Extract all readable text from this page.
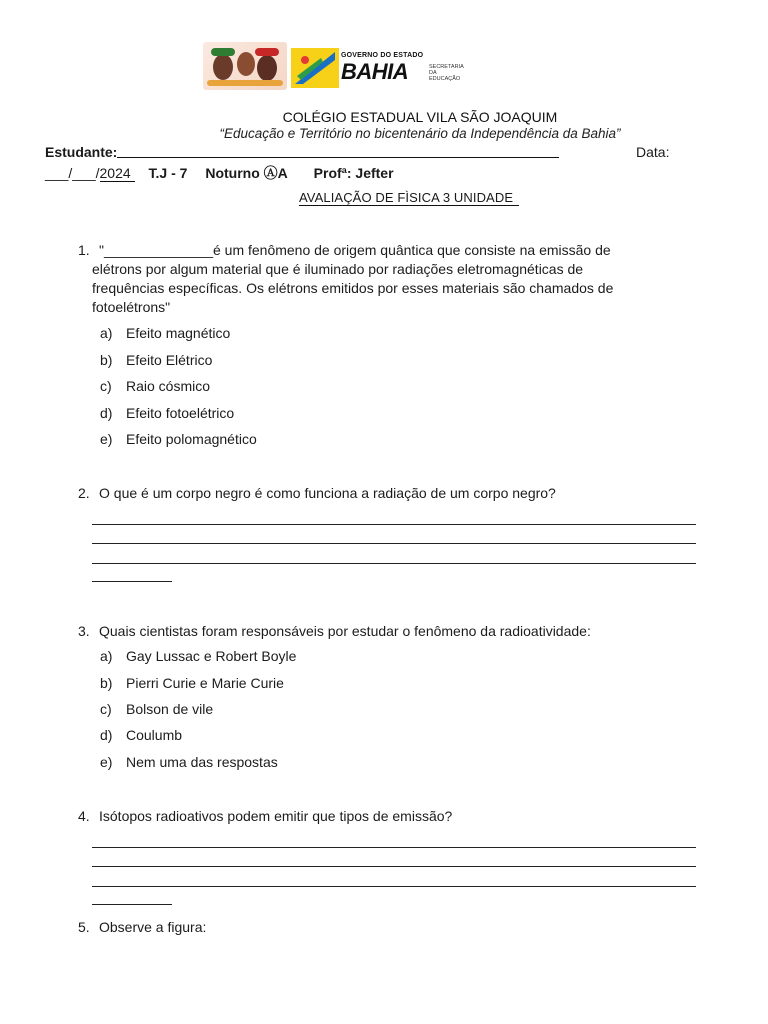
GOVERNO DO ESTADO
BAHIA	SECRETARIA DA EDUCAÇÃO
COLÉGIO ESTADUAL VILA SÃO JOAQUIM
“Educação e Território no bicentenário da Independência da Bahia”
Estudante:	Data:
___/___/2024 T.J - 7 Noturno ⒶA Profª: Jefter
AVALIAÇÃO DE FÌSICA 3 UNIDADE
1. "______________é um fenômeno de origem quântica que consiste na emissão de
elétrons por algum material que é iluminado por radiações eletromagnéticas de
frequências específicas. Os elétrons emitidos por esses materiais são chamados de
fotoelétrons"
a) Efeito magnético
b) Efeito Elétrico
c) Raio cósmico
d) Efeito fotoelétrico
e) Efeito polomagnético
2. O que é um corpo negro é como funciona a radiação de um corpo negro?
3. Quais cientistas foram responsáveis por estudar o fenômeno da radioatividade:
a) Gay Lussac e Robert Boyle
b) Pierri Curie e Marie Curie
c) Bolson de vile
d) Coulumb
e) Nem uma das respostas
4. Isótopos radioativos podem emitir que tipos de emissão?
5. Observe a figura:
